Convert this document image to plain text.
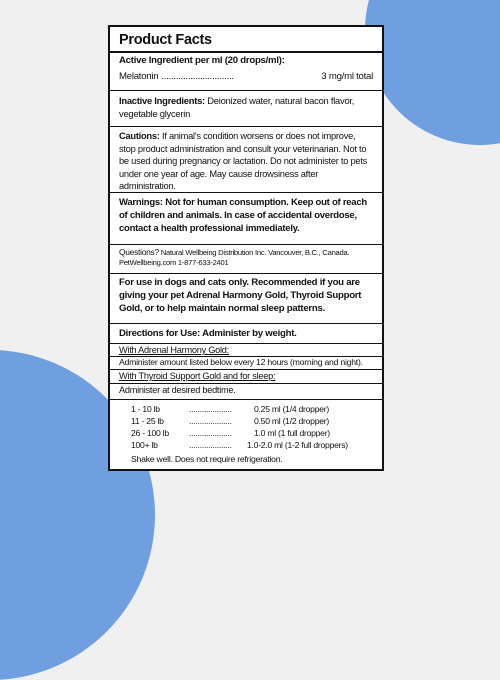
Product Facts
Active Ingredient per ml (20 drops/ml):
Melatonin ..............................	3 mg/ml total
Inactive Ingredients: Deionized water, natural bacon flavor, vegetable glycerin
Cautions: If animal's condition worsens or does not improve, stop product administration and consult your veterinarian. Not to be used during pregnancy or lactation. Do not administer to pets under one year of age. May cause drowsiness after administration.
Warnings: Not for human consumption. Keep out of reach of children and animals. In case of accidental overdose, contact a health professional immediately.
Questions? Natural Wellbeing Distribution Inc. Vancouver, B.C., Canada. PetWellbeing.com 1-877-633-2401
For use in dogs and cats only. Recommended if you are giving your pet Adrenal Harmony Gold, Thyroid Support Gold, or to help maintain normal sleep patterns.
Directions for Use: Administer by weight.
With Adrenal Harmony Gold:
Administer amount listed below every 12 hours (morning and night).
With Thyroid Support Gold and for sleep:
Administer at desired bedtime.
1 - 10 lb	....................	0.25 ml (1/4 dropper)
11 - 25 lb	....................	0.50 ml (1/2 dropper)
26 - 100 lb	....................	1.0 ml (1 full dropper)
100+ lb	....................	1.0-2.0 ml (1-2 full droppers)
Shake well. Does not require refrigeration.
